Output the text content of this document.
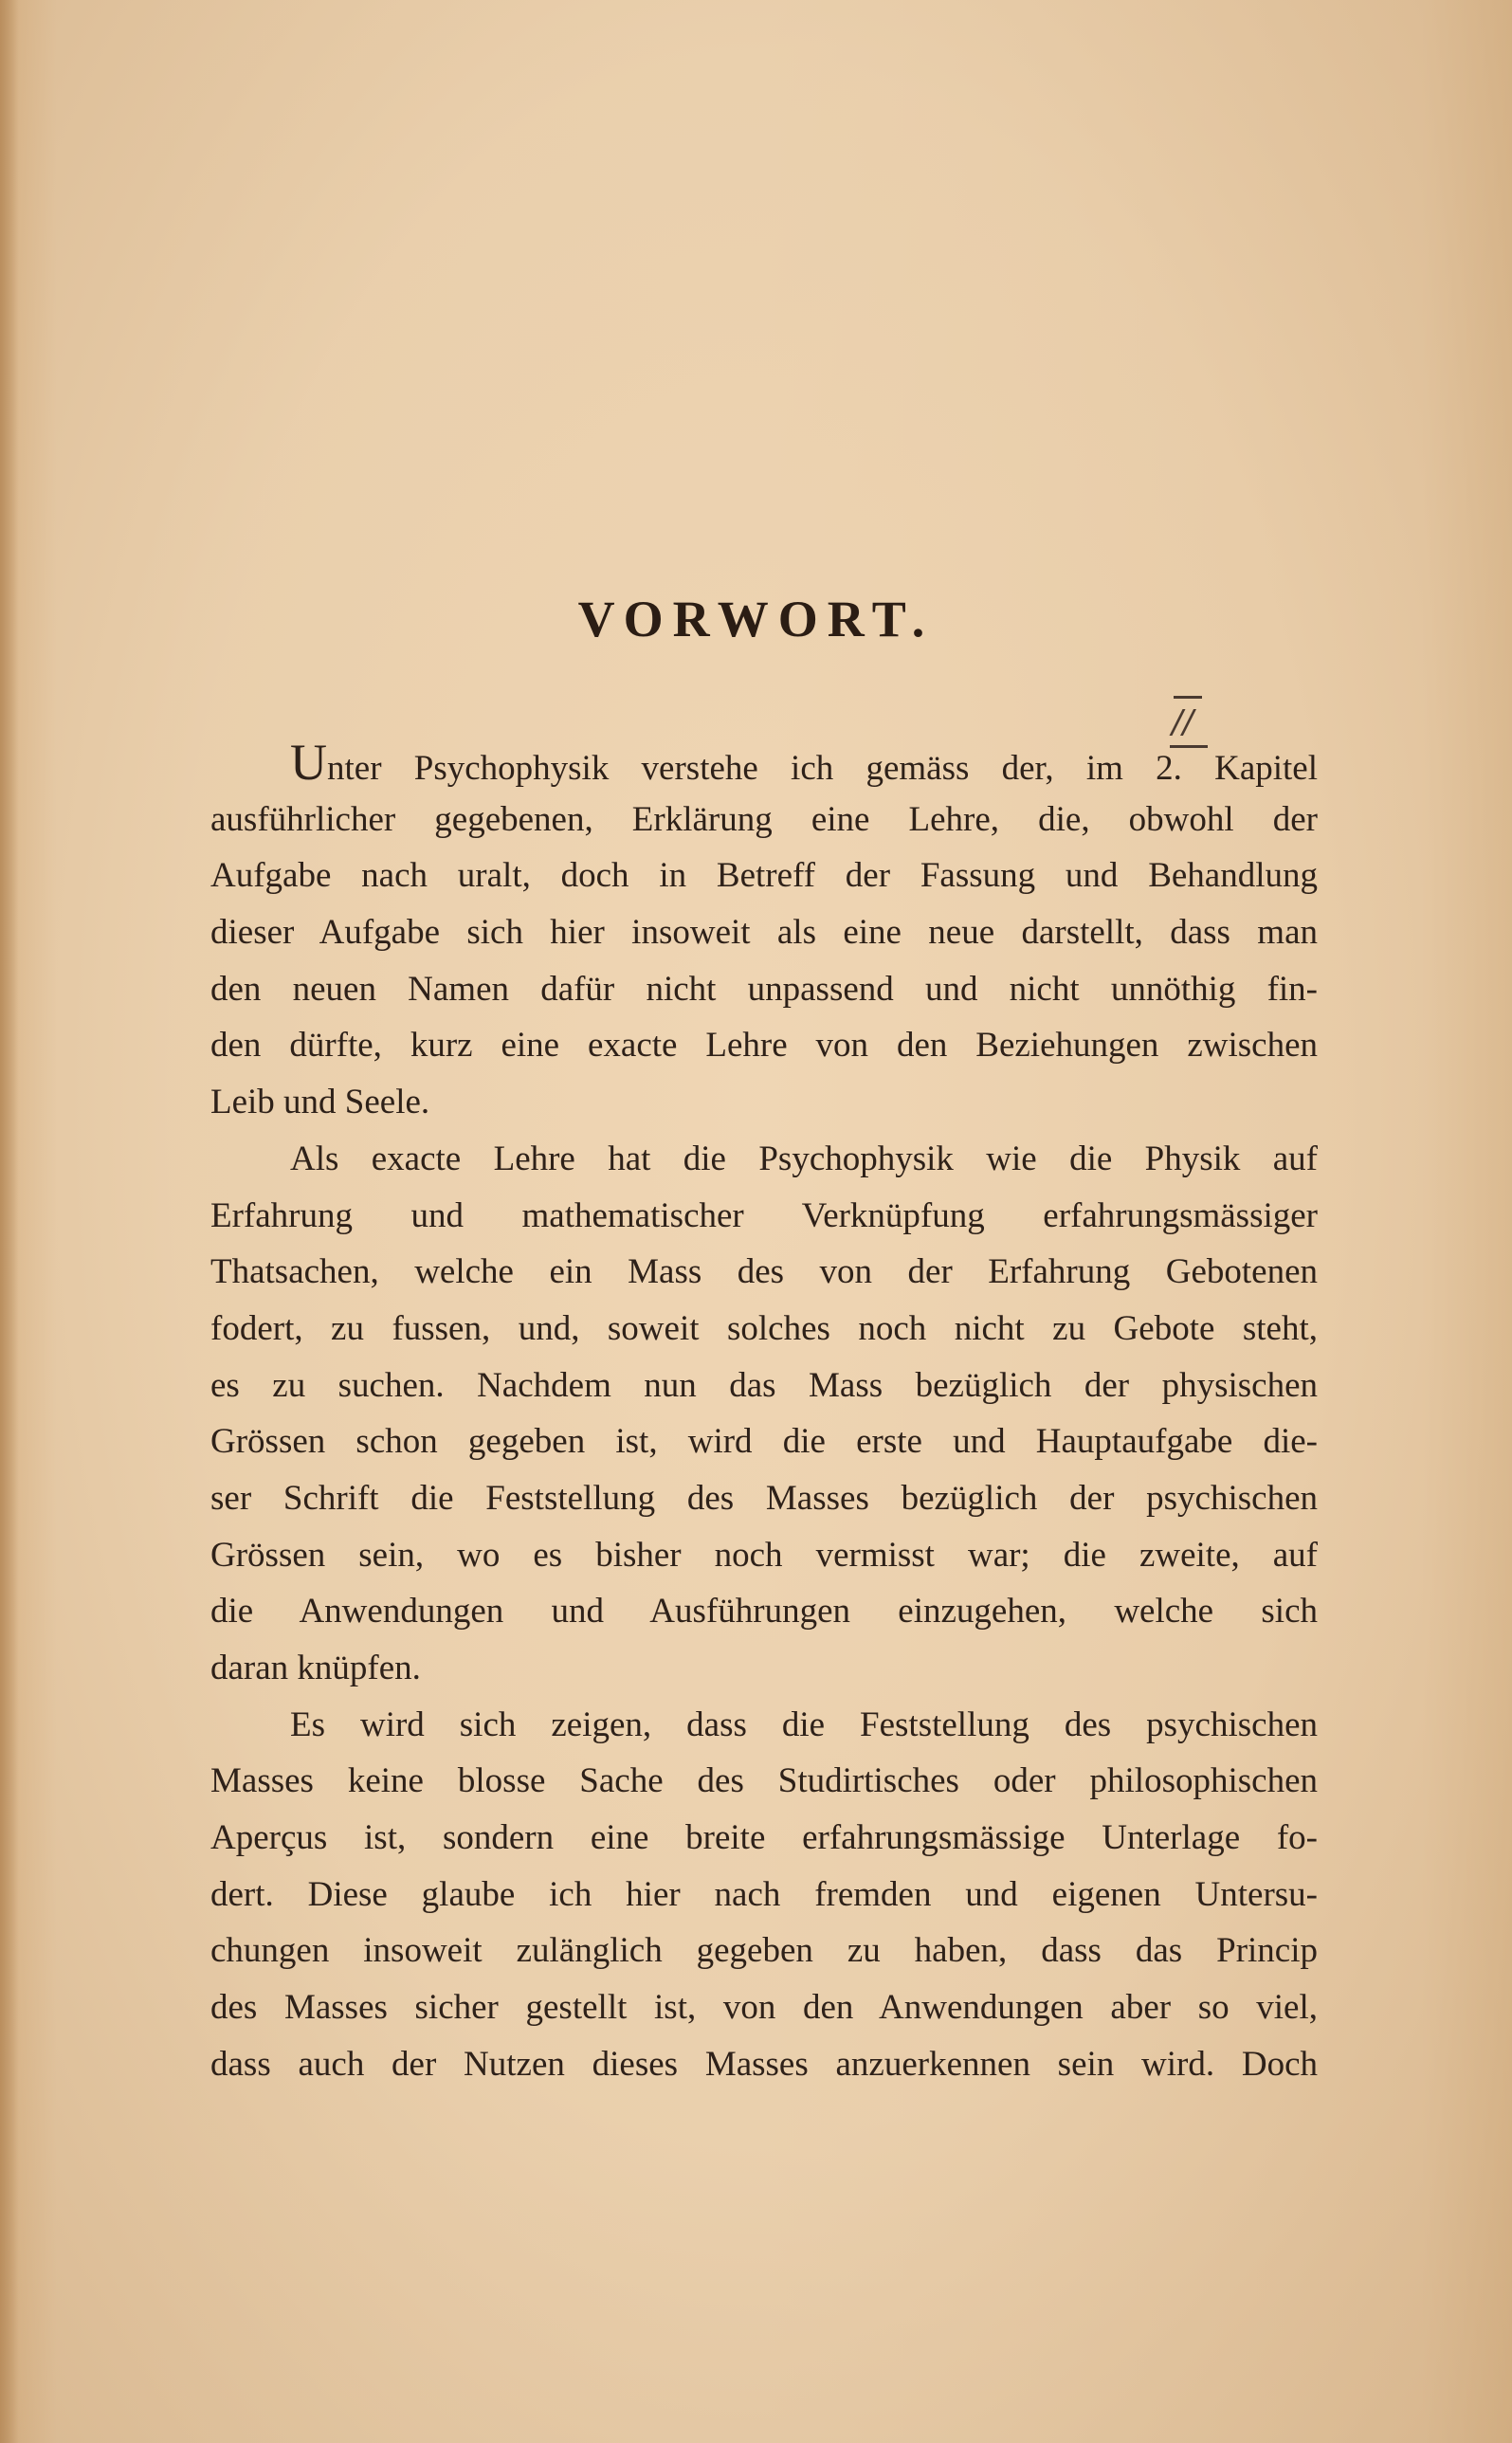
VORWORT.
//
Unter Psychophysik verstehe ich gemäss der, im 2. Kapitel
ausführlicher gegebenen, Erklärung eine Lehre, die, obwohl der
Aufgabe nach uralt, doch in Betreff der Fassung und Behandlung
dieser Aufgabe sich hier insoweit als eine neue darstellt, dass man
den neuen Namen dafür nicht unpassend und nicht unnöthig fin-
den dürfte, kurz eine exacte Lehre von den Beziehungen zwischen
Leib und Seele.
Als exacte Lehre hat die Psychophysik wie die Physik auf
Erfahrung und mathematischer Verknüpfung erfahrungsmässiger
Thatsachen, welche ein Mass des von der Erfahrung Gebotenen
fodert, zu fussen, und, soweit solches noch nicht zu Gebote steht,
es zu suchen. Nachdem nun das Mass bezüglich der physischen
Grössen schon gegeben ist, wird die erste und Hauptaufgabe die-
ser Schrift die Feststellung des Masses bezüglich der psychischen
Grössen sein, wo es bisher noch vermisst war; die zweite, auf
die Anwendungen und Ausführungen einzugehen, welche sich
daran knüpfen.
Es wird sich zeigen, dass die Feststellung des psychischen
Masses keine blosse Sache des Studirtisches oder philosophischen
Aperçus ist, sondern eine breite erfahrungsmässige Unterlage fo-
dert. Diese glaube ich hier nach fremden und eigenen Untersu-
chungen insoweit zulänglich gegeben zu haben, dass das Princip
des Masses sicher gestellt ist, von den Anwendungen aber so viel,
dass auch der Nutzen dieses Masses anzuerkennen sein wird. Doch
